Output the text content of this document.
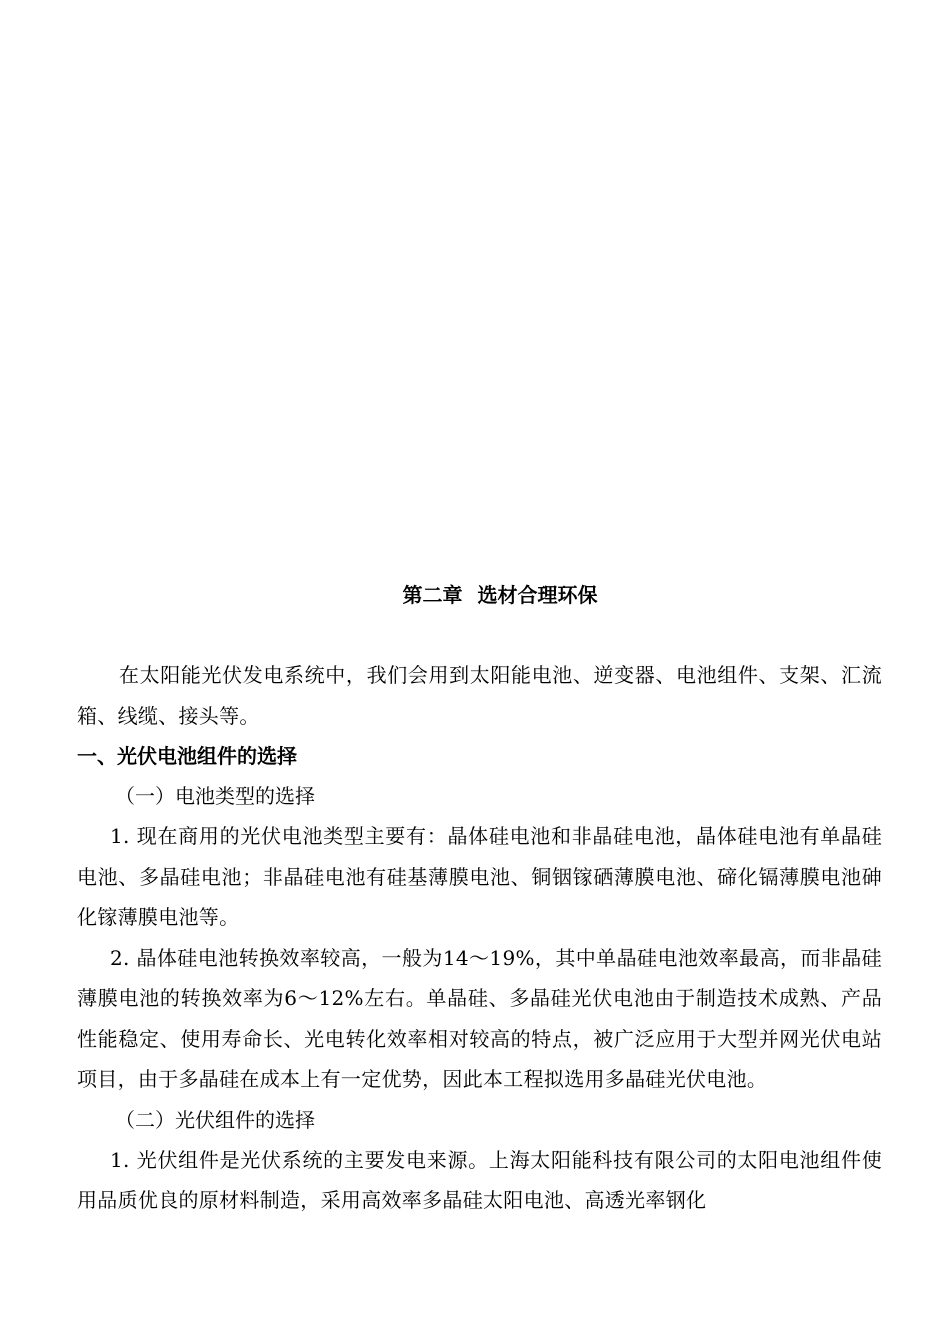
第二章 选材合理环保

在太阳能光伏发电系统中，我们会用到太阳能电池、逆变器、电池组件、支架、汇流箱、线缆、接头等。

一、光伏电池组件的选择

（一）电池类型的选择

1. 现在商用的光伏电池类型主要有：晶体硅电池和非晶硅电池，晶体硅电池有单晶硅电池、多晶硅电池；非晶硅电池有硅基薄膜电池、铜铟镓硒薄膜电池、碲化镉薄膜电池砷化镓薄膜电池等。

2. 晶体硅电池转换效率较高，一般为14～19%，其中单晶硅电池效率最高，而非晶硅薄膜电池的转换效率为6～12%左右。单晶硅、多晶硅光伏电池由于制造技术成熟、产品性能稳定、使用寿命长、光电转化效率相对较高的特点，被广泛应用于大型并网光伏电站项目，由于多晶硅在成本上有一定优势，因此本工程拟选用多晶硅光伏电池。

（二）光伏组件的选择

1. 光伏组件是光伏系统的主要发电来源。上海太阳能科技有限公司的太阳电池组件使用品质优良的原材料制造，采用高效率多晶硅太阳电池、高透光率钢化
